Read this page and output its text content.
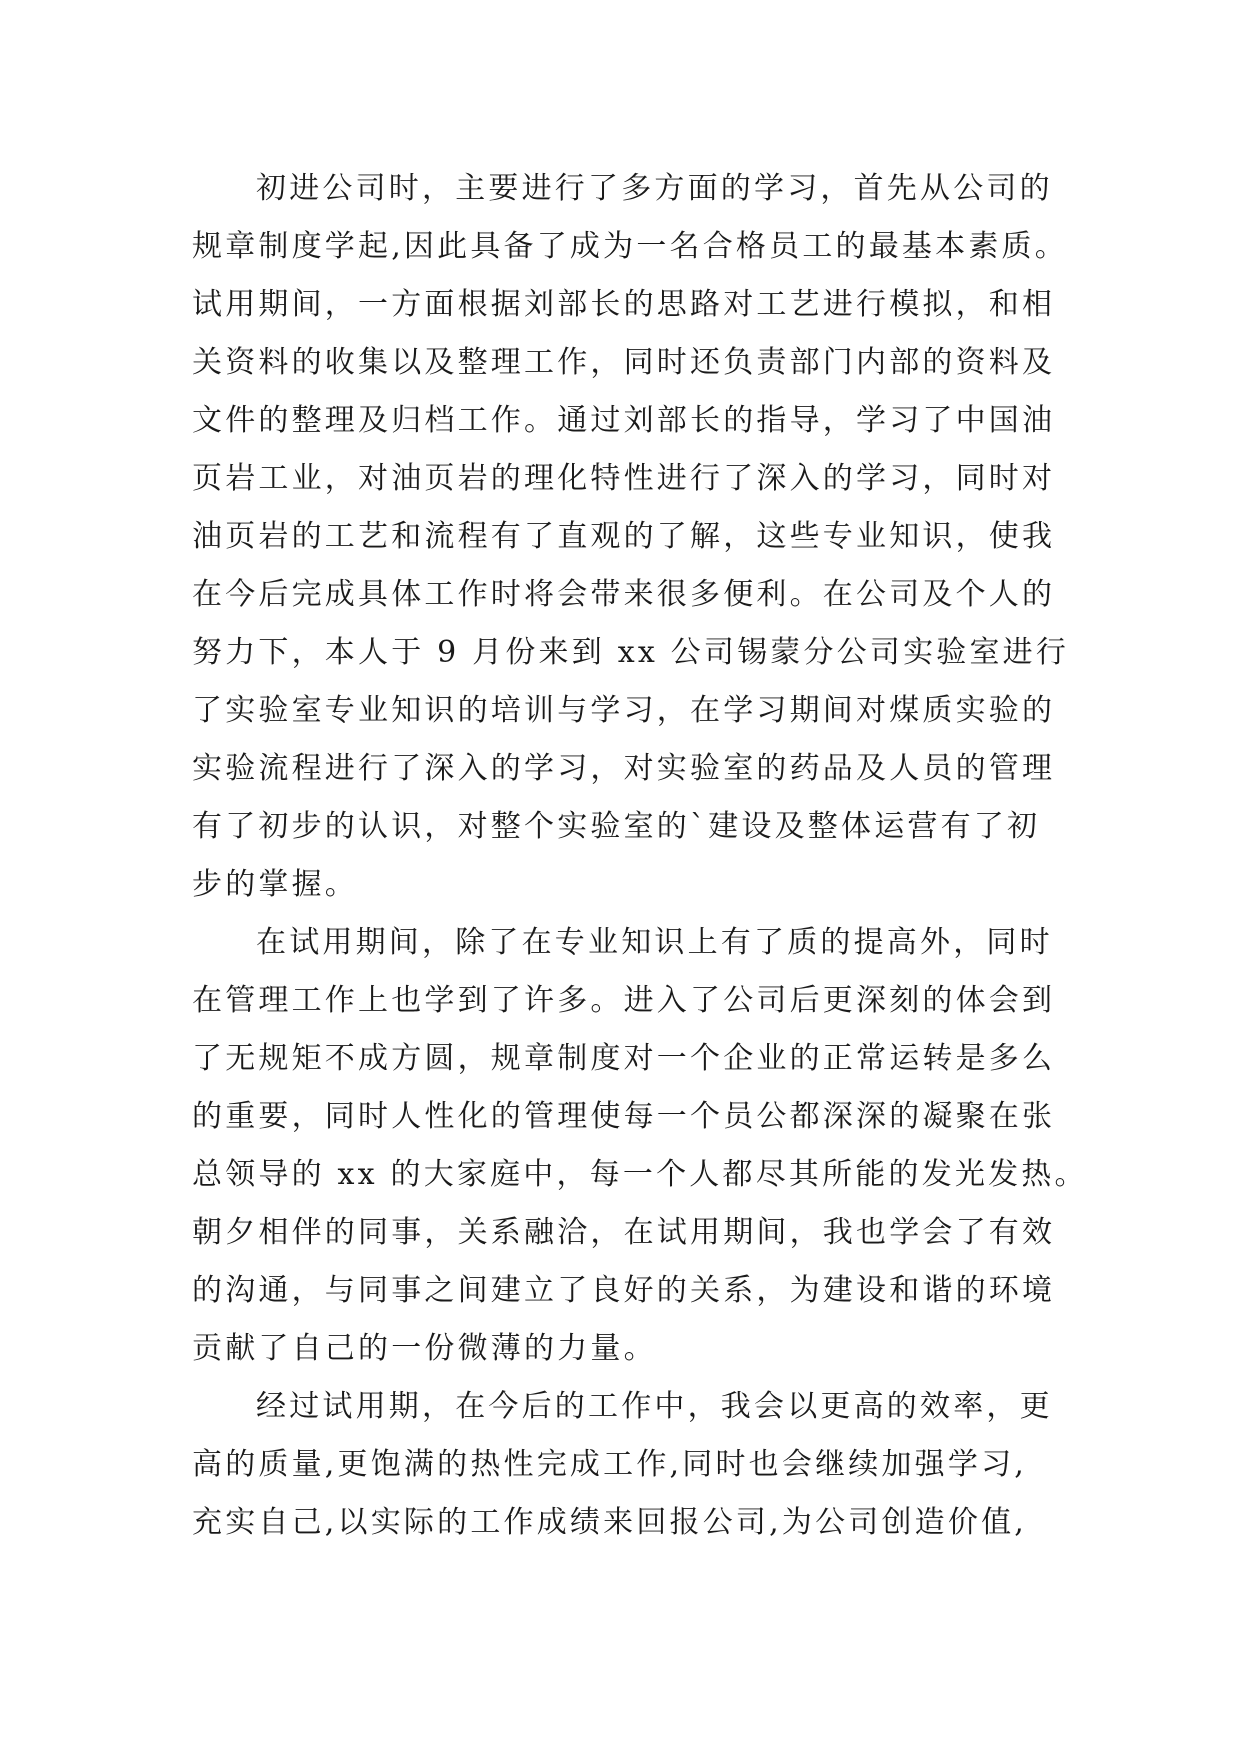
初进公司时，主要进行了多方面的学习，首先从公司的
规章制度学起,因此具备了成为一名合格员工的最基本素质。
试用期间，一方面根据刘部长的思路对工艺进行模拟，和相
关资料的收集以及整理工作，同时还负责部门内部的资料及
文件的整理及归档工作。通过刘部长的指导，学习了中国油
页岩工业，对油页岩的理化特性进行了深入的学习，同时对
油页岩的工艺和流程有了直观的了解，这些专业知识，使我
在今后完成具体工作时将会带来很多便利。在公司及个人的
努力下，本人于 9 月份来到 xx 公司锡蒙分公司实验室进行
了实验室专业知识的培训与学习，在学习期间对煤质实验的
实验流程进行了深入的学习，对实验室的药品及人员的管理
有了初步的认识，对整个实验室的`建设及整体运营有了初
步的掌握。
在试用期间，除了在专业知识上有了质的提高外，同时
在管理工作上也学到了许多。进入了公司后更深刻的体会到
了无规矩不成方圆，规章制度对一个企业的正常运转是多么
的重要，同时人性化的管理使每一个员公都深深的凝聚在张
总领导的 xx 的大家庭中，每一个人都尽其所能的发光发热。
朝夕相伴的同事，关系融洽，在试用期间，我也学会了有效
的沟通，与同事之间建立了良好的关系，为建设和谐的环境
贡献了自己的一份微薄的力量。
经过试用期，在今后的工作中，我会以更高的效率，更
高的质量,更饱满的热性完成工作,同时也会继续加强学习,
充实自己,以实际的工作成绩来回报公司,为公司创造价值,
